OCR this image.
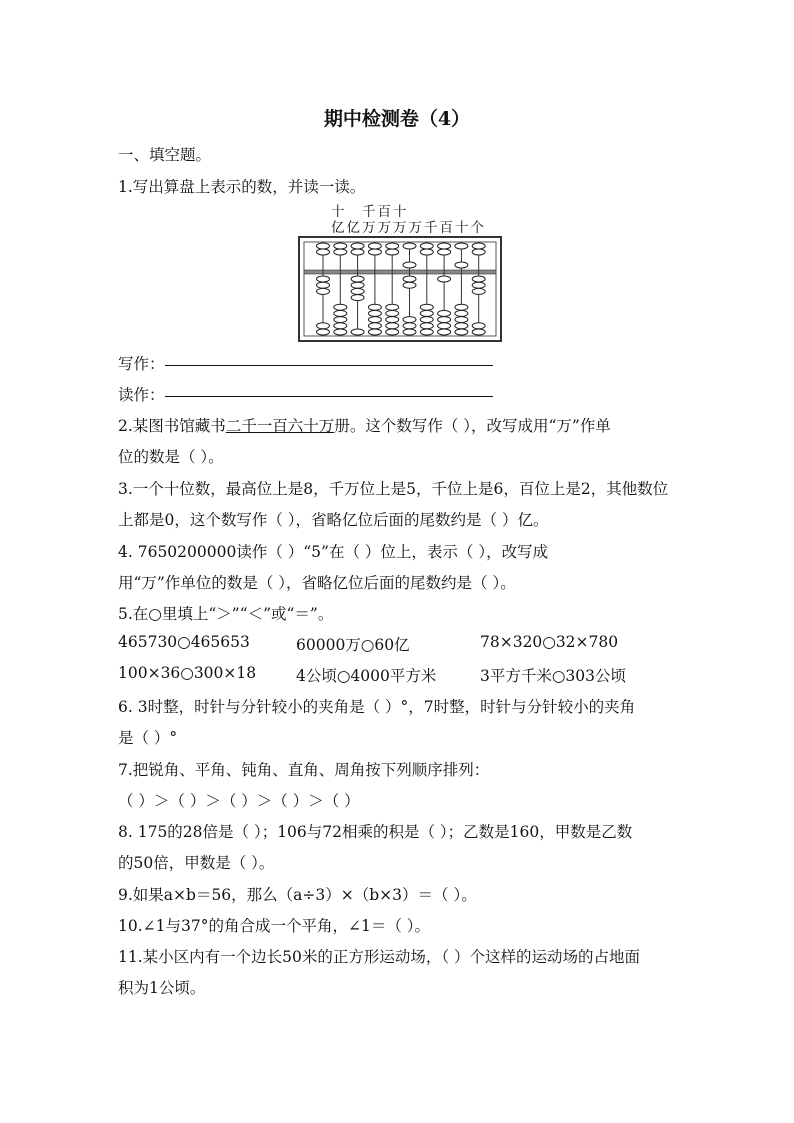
期中检测卷（4）
一、填空题。
1.写出算盘上表示的数，并读一读。
十 千 百 十
亿 亿 万 万 万 万 千 百 十 个
写作：
读作：
2.某图书馆藏书二千一百六十万册。这个数写作（ ），改写成用“万”作单
位的数是（ ）。
3.一个十位数，最高位上是8，千万位上是5，千位上是6，百位上是2，其他数位
上都是0，这个数写作（ ），省略亿位后面的尾数约是（ ）亿。
4. 7650200000读作（ ）“5”在（ ）位上，表示（ ），改写成
用“万”作单位的数是（ ），省略亿位后面的尾数约是（ ）。
5.在○里填上“＞”“＜”或“＝”。
465730○465653	60000万○60亿	78×320○32×780
100×36○300×18	4公顷○4000平方米	3平方千米○303公顷
6. 3时整，时针与分针较小的夹角是（ ）°，7时整，时针与分针较小的夹角
是（ ）°
7.把锐角、平角、钝角、直角、周角按下列顺序排列：
（ ）＞（ ）＞（ ）＞（ ）＞（ ）
8. 175的28倍是（ ）；106与72相乘的积是（ ）；乙数是160，甲数是乙数
的50倍，甲数是（ ）。
9.如果a×b＝56，那么（a÷3）×（b×3）＝（ ）。
10.∠1与37°的角合成一个平角，∠1＝（ ）。
11.某小区内有一个边长50米的正方形运动场，（ ）个这样的运动场的占地面
积为1公顷。
